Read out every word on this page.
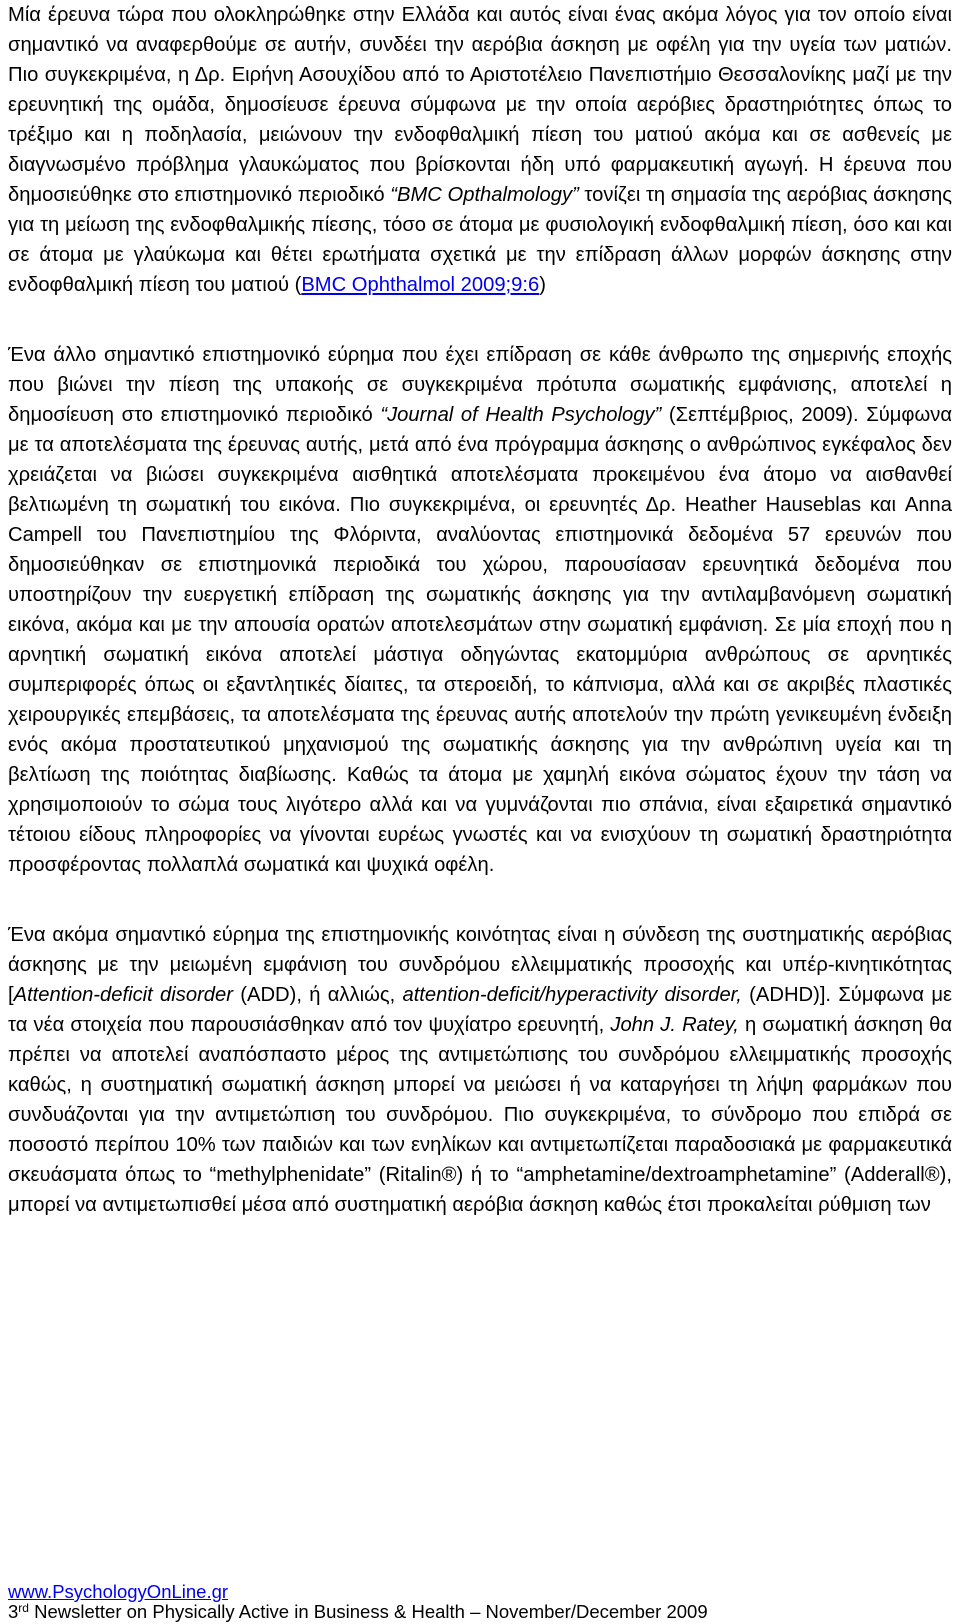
Μία έρευνα τώρα που ολοκληρώθηκε στην Ελλάδα και αυτός είναι ένας ακόμα λόγος για τον οποίο είναι σημαντικό να αναφερθούμε σε αυτήν, συνδέει την αερόβια άσκηση με οφέλη για την υγεία των ματιών. Πιο συγκεκριμένα, η Δρ. Ειρήνη Ασουχίδου από το Αριστοτέλειο Πανεπιστήμιο Θεσσαλονίκης μαζί με την ερευνητική της ομάδα, δημοσίευσε έρευνα σύμφωνα με την οποία αερόβιες δραστηριότητες όπως το τρέξιμο και η ποδηλασία, μειώνουν την ενδοφθαλμική πίεση του ματιού ακόμα και σε ασθενείς με διαγνωσμένο πρόβλημα γλαυκώματος που βρίσκονται ήδη υπό φαρμακευτική αγωγή. Η έρευνα που δημοσιεύθηκε στο επιστημονικό περιοδικό “BMC Opthalmology” τονίζει τη σημασία της αερόβιας άσκησης για τη μείωση της ενδοφθαλμικής πίεσης, τόσο σε άτομα με φυσιολογική ενδοφθαλμική πίεση, όσο και και σε άτομα με γλαύκωμα και θέτει ερωτήματα σχετικά με την επίδραση άλλων μορφών άσκησης στην ενδοφθαλμική πίεση του ματιού (BMC Ophthalmol 2009;9:6)

Ένα άλλο σημαντικό επιστημονικό εύρημα που έχει επίδραση σε κάθε άνθρωπο της σημερινής εποχής που βιώνει την πίεση της υπακοής σε συγκεκριμένα πρότυπα σωματικής εμφάνισης, αποτελεί η δημοσίευση στο επιστημονικό περιοδικό “Journal of Health Psychology” (Σεπτέμβριος, 2009). Σύμφωνα με τα αποτελέσματα της έρευνας αυτής, μετά από ένα πρόγραμμα άσκησης ο ανθρώπινος εγκέφαλος δεν χρειάζεται να βιώσει συγκεκριμένα αισθητικά αποτελέσματα προκειμένου ένα άτομο να αισθανθεί βελτιωμένη τη σωματική του εικόνα. Πιο συγκεκριμένα, οι ερευνητές Δρ. Heather Hauseblas και Anna Campell του Πανεπιστημίου της Φλόριντα, αναλύοντας επιστημονικά δεδομένα 57 ερευνών που δημοσιεύθηκαν σε επιστημονικά περιοδικά του χώρου, παρουσίασαν ερευνητικά δεδομένα που υποστηρίζουν την ευεργετική επίδραση της σωματικής άσκησης για την αντιλαμβανόμενη σωματική εικόνα, ακόμα και με την απουσία ορατών αποτελεσμάτων στην σωματική εμφάνιση. Σε μία εποχή που η αρνητική σωματική εικόνα αποτελεί μάστιγα οδηγώντας εκατομμύρια ανθρώπους σε αρνητικές συμπεριφορές όπως οι εξαντλητικές δίαιτες, τα στεροειδή, το κάπνισμα, αλλά και σε ακριβές πλαστικές χειρουργικές επεμβάσεις, τα αποτελέσματα της έρευνας αυτής αποτελούν την πρώτη γενικευμένη ένδειξη ενός ακόμα προστατευτικού μηχανισμού της σωματικής άσκησης για την ανθρώπινη υγεία και τη βελτίωση της ποιότητας διαβίωσης. Καθώς τα άτομα με χαμηλή εικόνα σώματος έχουν την τάση να χρησιμοποιούν το σώμα τους λιγότερο αλλά και να γυμνάζονται πιο σπάνια, είναι εξαιρετικά σημαντικό τέτοιου είδους πληροφορίες να γίνονται ευρέως γνωστές και να ενισχύουν τη σωματική δραστηριότητα προσφέροντας πολλαπλά σωματικά και ψυχικά οφέλη.

Ένα ακόμα σημαντικό εύρημα της επιστημονικής κοινότητας είναι η σύνδεση της συστηματικής αερόβιας άσκησης με την μειωμένη εμφάνιση του συνδρόμου ελλειμματικής προσοχής και υπέρ-κινητικότητας [Attention-deficit disorder (ADD), ή αλλιώς, attention-deficit/hyperactivity disorder, (ADHD)]. Σύμφωνα με τα νέα στοιχεία που παρουσιάσθηκαν από τον ψυχίατρο ερευνητή, John J. Ratey, η σωματική άσκηση θα πρέπει να αποτελεί αναπόσπαστο μέρος της αντιμετώπισης του συνδρόμου ελλειμματικής προσοχής καθώς, η συστηματική σωματική άσκηση μπορεί να μειώσει ή να καταργήσει τη λήψη φαρμάκων που συνδυάζονται για την αντιμετώπιση του συνδρόμου. Πιο συγκεκριμένα, το σύνδρομο που επιδρά σε ποσοστό περίπου 10% των παιδιών και των ενηλίκων και αντιμετωπίζεται παραδοσιακά με φαρμακευτικά σκευάσματα όπως το “methylphenidate” (Ritalin®) ή το “amphetamine/dextroamphetamine” (Adderall®), μπορεί να αντιμετωπισθεί μέσα από συστηματική αερόβια άσκηση καθώς έτσι προκαλείται ρύθμιση των

www.PsychologyOnLine.gr
3rd Newsletter on Physically Active in Business & Health – November/December 2009
